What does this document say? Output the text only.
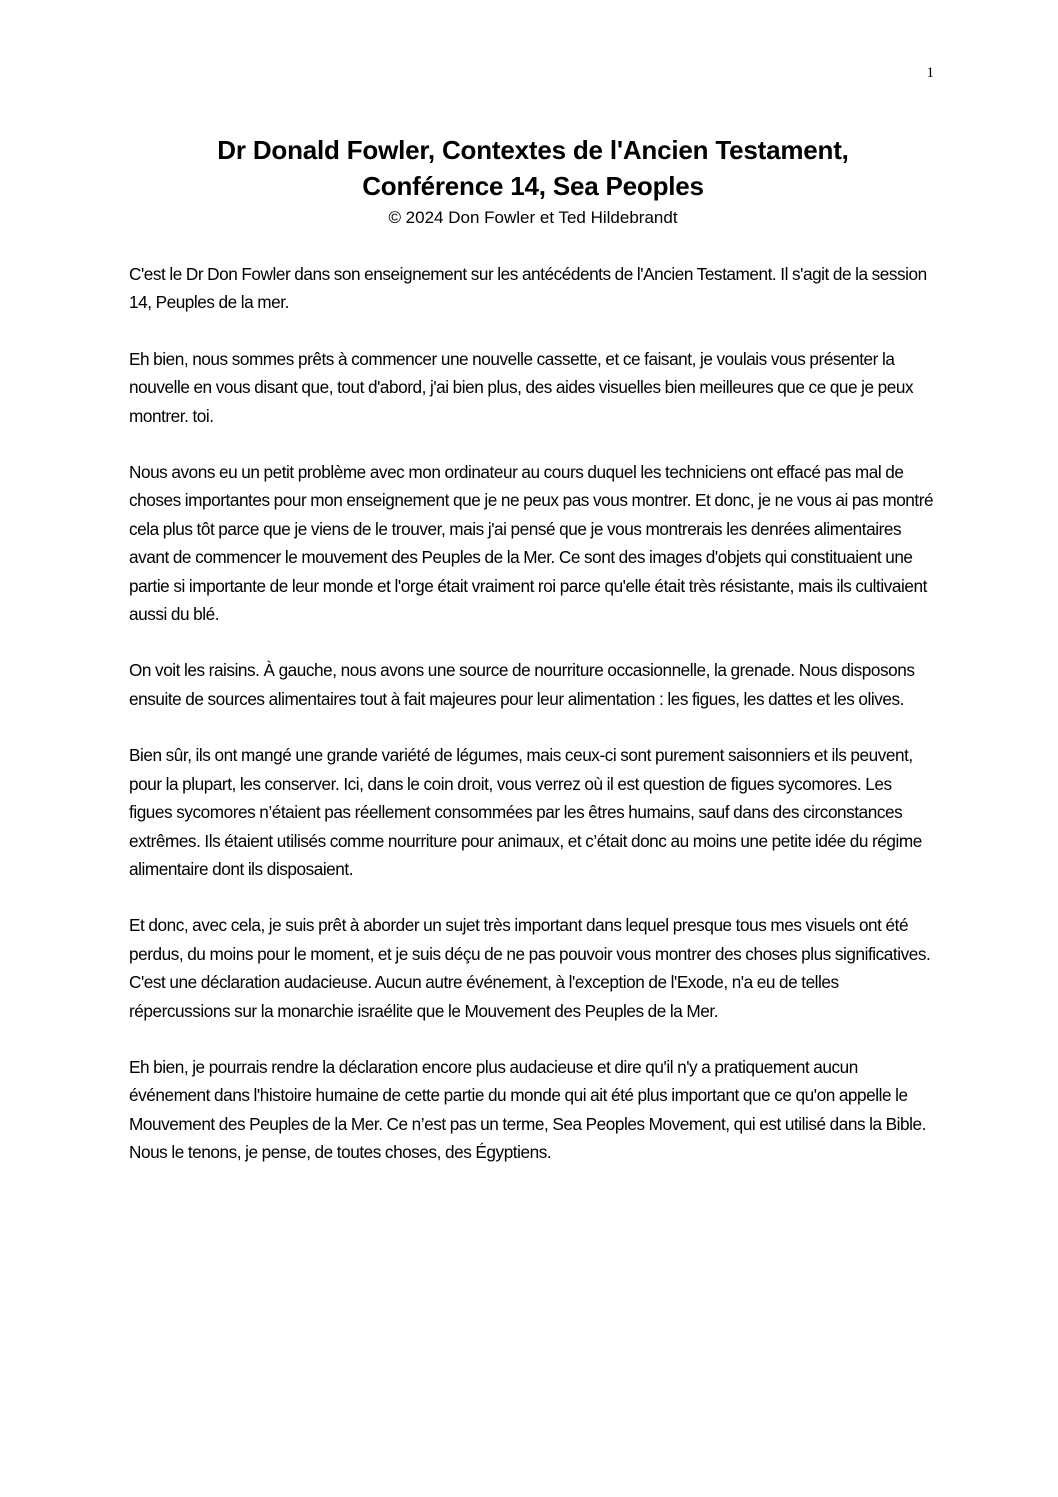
1
Dr Donald Fowler, Contextes de l'Ancien Testament,
Conférence 14, Sea Peoples
© 2024 Don Fowler et Ted Hildebrandt

C'est le Dr Don Fowler dans son enseignement sur les antécédents de l'Ancien Testament. Il s'agit de la session 14, Peuples de la mer.

Eh bien, nous sommes prêts à commencer une nouvelle cassette, et ce faisant, je voulais vous présenter la nouvelle en vous disant que, tout d'abord, j'ai bien plus, des aides visuelles bien meilleures que ce que je peux montrer. toi.

Nous avons eu un petit problème avec mon ordinateur au cours duquel les techniciens ont effacé pas mal de choses importantes pour mon enseignement que je ne peux pas vous montrer. Et donc, je ne vous ai pas montré cela plus tôt parce que je viens de le trouver, mais j'ai pensé que je vous montrerais les denrées alimentaires avant de commencer le mouvement des Peuples de la Mer. Ce sont des images d'objets qui constituaient une partie si importante de leur monde et l'orge était vraiment roi parce qu'elle était très résistante, mais ils cultivaient aussi du blé.

On voit les raisins. À gauche, nous avons une source de nourriture occasionnelle, la grenade. Nous disposons ensuite de sources alimentaires tout à fait majeures pour leur alimentation : les figues, les dattes et les olives.

Bien sûr, ils ont mangé une grande variété de légumes, mais ceux-ci sont purement saisonniers et ils peuvent, pour la plupart, les conserver. Ici, dans le coin droit, vous verrez où il est question de figues sycomores. Les figues sycomores n’étaient pas réellement consommées par les êtres humains, sauf dans des circonstances extrêmes. Ils étaient utilisés comme nourriture pour animaux, et c’était donc au moins une petite idée du régime alimentaire dont ils disposaient.

Et donc, avec cela, je suis prêt à aborder un sujet très important dans lequel presque tous mes visuels ont été perdus, du moins pour le moment, et je suis déçu de ne pas pouvoir vous montrer des choses plus significatives. C'est une déclaration audacieuse. Aucun autre événement, à l'exception de l'Exode, n'a eu de telles répercussions sur la monarchie israélite que le Mouvement des Peuples de la Mer.

Eh bien, je pourrais rendre la déclaration encore plus audacieuse et dire qu'il n'y a pratiquement aucun événement dans l'histoire humaine de cette partie du monde qui ait été plus important que ce qu'on appelle le Mouvement des Peuples de la Mer. Ce n’est pas un terme, Sea Peoples Movement, qui est utilisé dans la Bible. Nous le tenons, je pense, de toutes choses, des Égyptiens.
